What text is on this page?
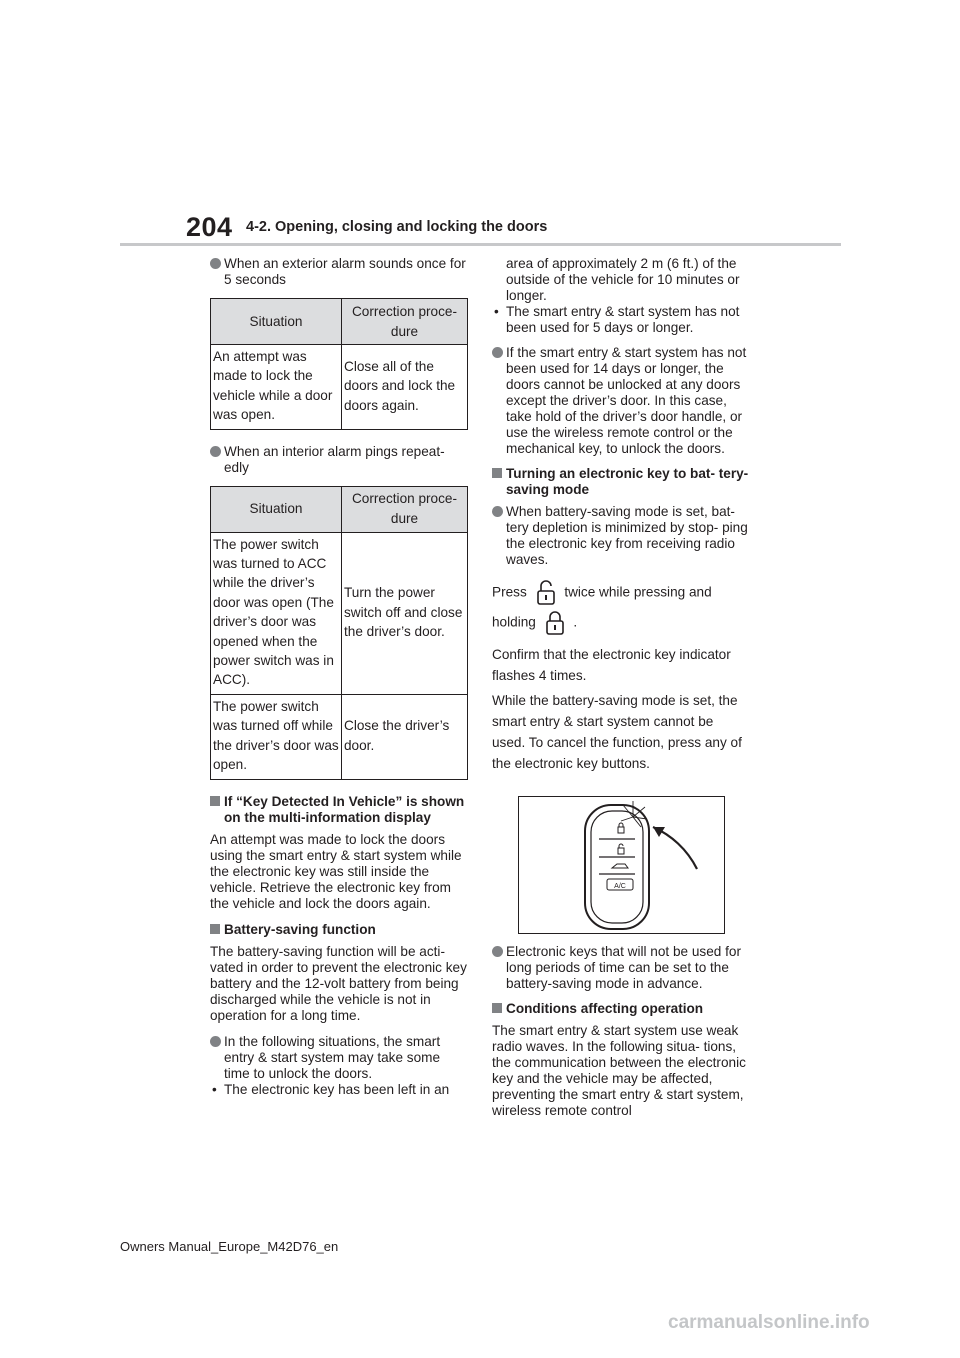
204 4-2. Opening, closing and locking the doors
When an exterior alarm sounds once for 5 seconds
Situation	Correction proce- dure
An attempt was made to lock the vehicle while a door was open.	Close all of the doors and lock the doors again.
When an interior alarm pings repeat- edly
Situation	Correction proce- dure
The power switch was turned to ACC while the driver’s door was open (The driver’s door was opened when the power switch was in ACC).	Turn the power switch off and close the driver’s door.
The power switch was turned off while the driver’s door was open.	Close the driver’s door.
If “Key Detected In Vehicle” is shown on the multi-information display

An attempt was made to lock the doors using the smart entry & start system while the electronic key was still inside the vehicle. Retrieve the electronic key from the vehicle and lock the doors again.

Battery-saving function

The battery-saving function will be acti- vated in order to prevent the electronic key battery and the 12-volt battery from being discharged while the vehicle is not in operation for a long time.

In the following situations, the smart entry & start system may take some time to unlock the doors.
• The electronic key has been left in an

area of approximately 2 m (6 ft.) of the outside of the vehicle for 10 minutes or longer.

• The smart entry & start system has not been used for 5 days or longer.
If the smart entry & start system has not been used for 14 days or longer, the doors cannot be unlocked at any doors except the driver’s door. In this case, take hold of the driver’s door handle, or use the wireless remote control or the mechanical key, to unlock the doors.
Turning an electronic key to bat- tery-saving mode
When battery-saving mode is set, bat- tery depletion is minimized by stop- ping the electronic key from receiving radio waves.

Press	twice while pressing and

holding	.

Confirm that the electronic key indicator flashes 4 times.

While the battery-saving mode is set, the smart entry & start system cannot be used. To cancel the function, press any of the electronic key buttons.

A/C
Electronic keys that will not be used for long periods of time can be set to the battery-saving mode in advance.
Conditions affecting operation

The smart entry & start system use weak radio waves. In the following situa- tions, the communication between the electronic key and the vehicle may be affected, preventing the smart entry & start system, wireless remote control

Owners Manual_Europe_M42D76_en
carmanualsonline.info
